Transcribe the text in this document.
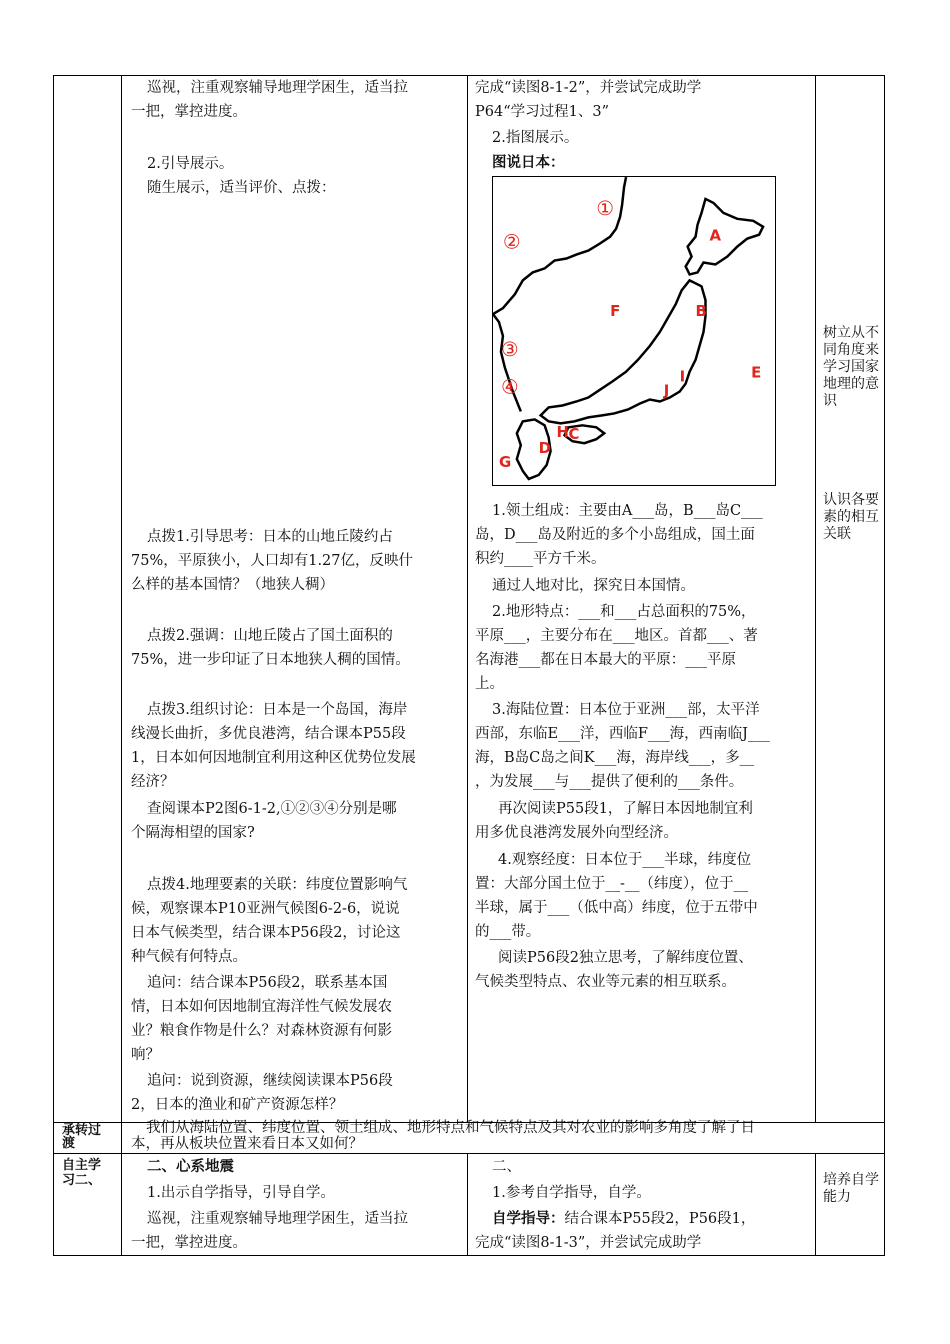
巡视，注重观察辅导地理学困生，适当拉
一把，掌控进度。
2.引导展示。
随生展示，适当评价、点拨：
点拨1.引导思考：日本的山地丘陵约占
75%，平原狭小，人口却有1.27亿，反映什
么样的基本国情？（地狭人稠）
点拨2.强调：山地丘陵占了国土面积的
75%，进一步印证了日本地狭人稠的国情。
点拨3.组织讨论：日本是一个岛国，海岸
线漫长曲折，多优良港湾，结合课本P55段
1，日本如何因地制宜利用这种区优势位发展
经济？
查阅课本P2图6-1-2,①②③④分别是哪
个隔海相望的国家?
点拨4.地理要素的关联：纬度位置影响气
候，观察课本P10亚洲气候图6-2-6，说说
日本气候类型，结合课本P56段2，讨论这
种气候有何特点。
追问：结合课本P56段2，联系基本国
情，日本如何因地制宜海洋性气候发展农
业？粮食作物是什么？对森林资源有何影
响？
追问：说到资源，继续阅读课本P56段
2，日本的渔业和矿产资源怎样？
完成“读图8-1-2”，并尝试完成助学
P64“学习过程1、3”
2.指图展示。
图说日本：
①
②
③
④
A
B
E
F
I
J
H C
D
G
1.领土组成：主要由A___岛，B___岛C___
岛，D___岛及附近的多个小岛组成，国土面
积约____平方千米。
通过人地对比，探究日本国情。
2.地形特点：___和___占总面积的75%，
平原___，主要分布在___地区。首都___、著
名海港___都在日本最大的平原：___平原
上。
3.海陆位置：日本位于亚洲___部，太平洋
西部，东临E___洋，西临F___海，西南临J___
海，B岛C岛之间K___海，海岸线___，多__
，为发展___与___提供了便利的___条件。
再次阅读P55段1，了解日本因地制宜利
用多优良港湾发展外向型经济。
4.观察经度：日本位于___半球，纬度位
置：大部分国土位于__-__（纬度），位于__
半球，属于___（低中高）纬度，位于五带中
的___带。
阅读P56段2独立思考，了解纬度位置、
气候类型特点、农业等元素的相互联系。
树立从不同角度来学习国家地理的意识
认识各要素的相互关联
承转过渡
我们从海陆位置、纬度位置、领土组成、地形特点和气候特点及其对农业的影响多角度了解了日
本，再从板块位置来看日本又如何？
自主学习二、
二、心系地震
1.出示自学指导，引导自学。
巡视，注重观察辅导地理学困生，适当拉
一把，掌控进度。
二、
1.参考自学指导，自学。
自学指导：结合课本P55段2，P56段1，
完成“读图8-1-3”，并尝试完成助学
培养自学能力
